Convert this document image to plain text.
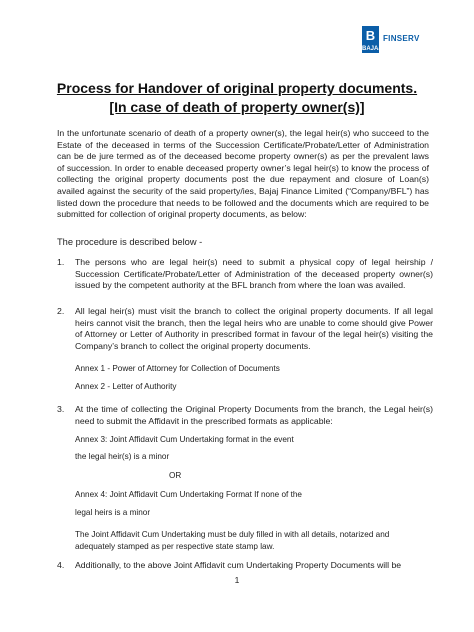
B
BAJAJ
FINSERV
Process for Handover of original property documents.
[In case of death of property owner(s)]
In the unfortunate scenario of death of a property owner(s), the legal heir(s) who succeed to the Estate of the deceased in terms of the Succession Certificate/Probate/Letter of Administration can be de jure termed as of the deceased become property owner(s) as per the prevalent laws of succession. In order to enable deceased property owner’s legal heir(s) to know the process of collecting the original property documents post the due repayment and closure of Loan(s) availed against the security of the said property/ies, Bajaj Finance Limited (“Company/BFL”) has listed down the procedure that needs to be followed and the documents which are required to be submitted for collection of original property documents, as below:
The procedure is described below -
1.	The persons who are legal heir(s) need to submit a physical copy of legal heirship / Succession Certificate/Probate/Letter of Administration of the deceased property owner(s) issued by the competent authority at the BFL branch from where the loan was availed.
2.	All legal heir(s) must visit the branch to collect the original property documents. If all legal heirs cannot visit the branch, then the legal heirs who are unable to come should give Power of Attorney or Letter of Authority in prescribed format in favour of the legal heir(s) visiting the Company’s branch to collect the original property documents.
Annex 1 - Power of Attorney for Collection of Documents
Annex 2 - Letter of Authority
3.	At the time of collecting the Original Property Documents from the branch, the Legal heir(s) need to submit the Affidavit in the prescribed formats as applicable:
Annex 3: Joint Affidavit Cum Undertaking format in the event
the legal heir(s) is a minor
OR
Annex 4: Joint Affidavit Cum Undertaking Format If none of the
legal heirs is a minor
The Joint Affidavit Cum Undertaking must be duly filled in with all details, notarized and adequately stamped as per respective state stamp law.
4.	Additionally, to the above Joint Affidavit cum Undertaking Property Documents will be
1
